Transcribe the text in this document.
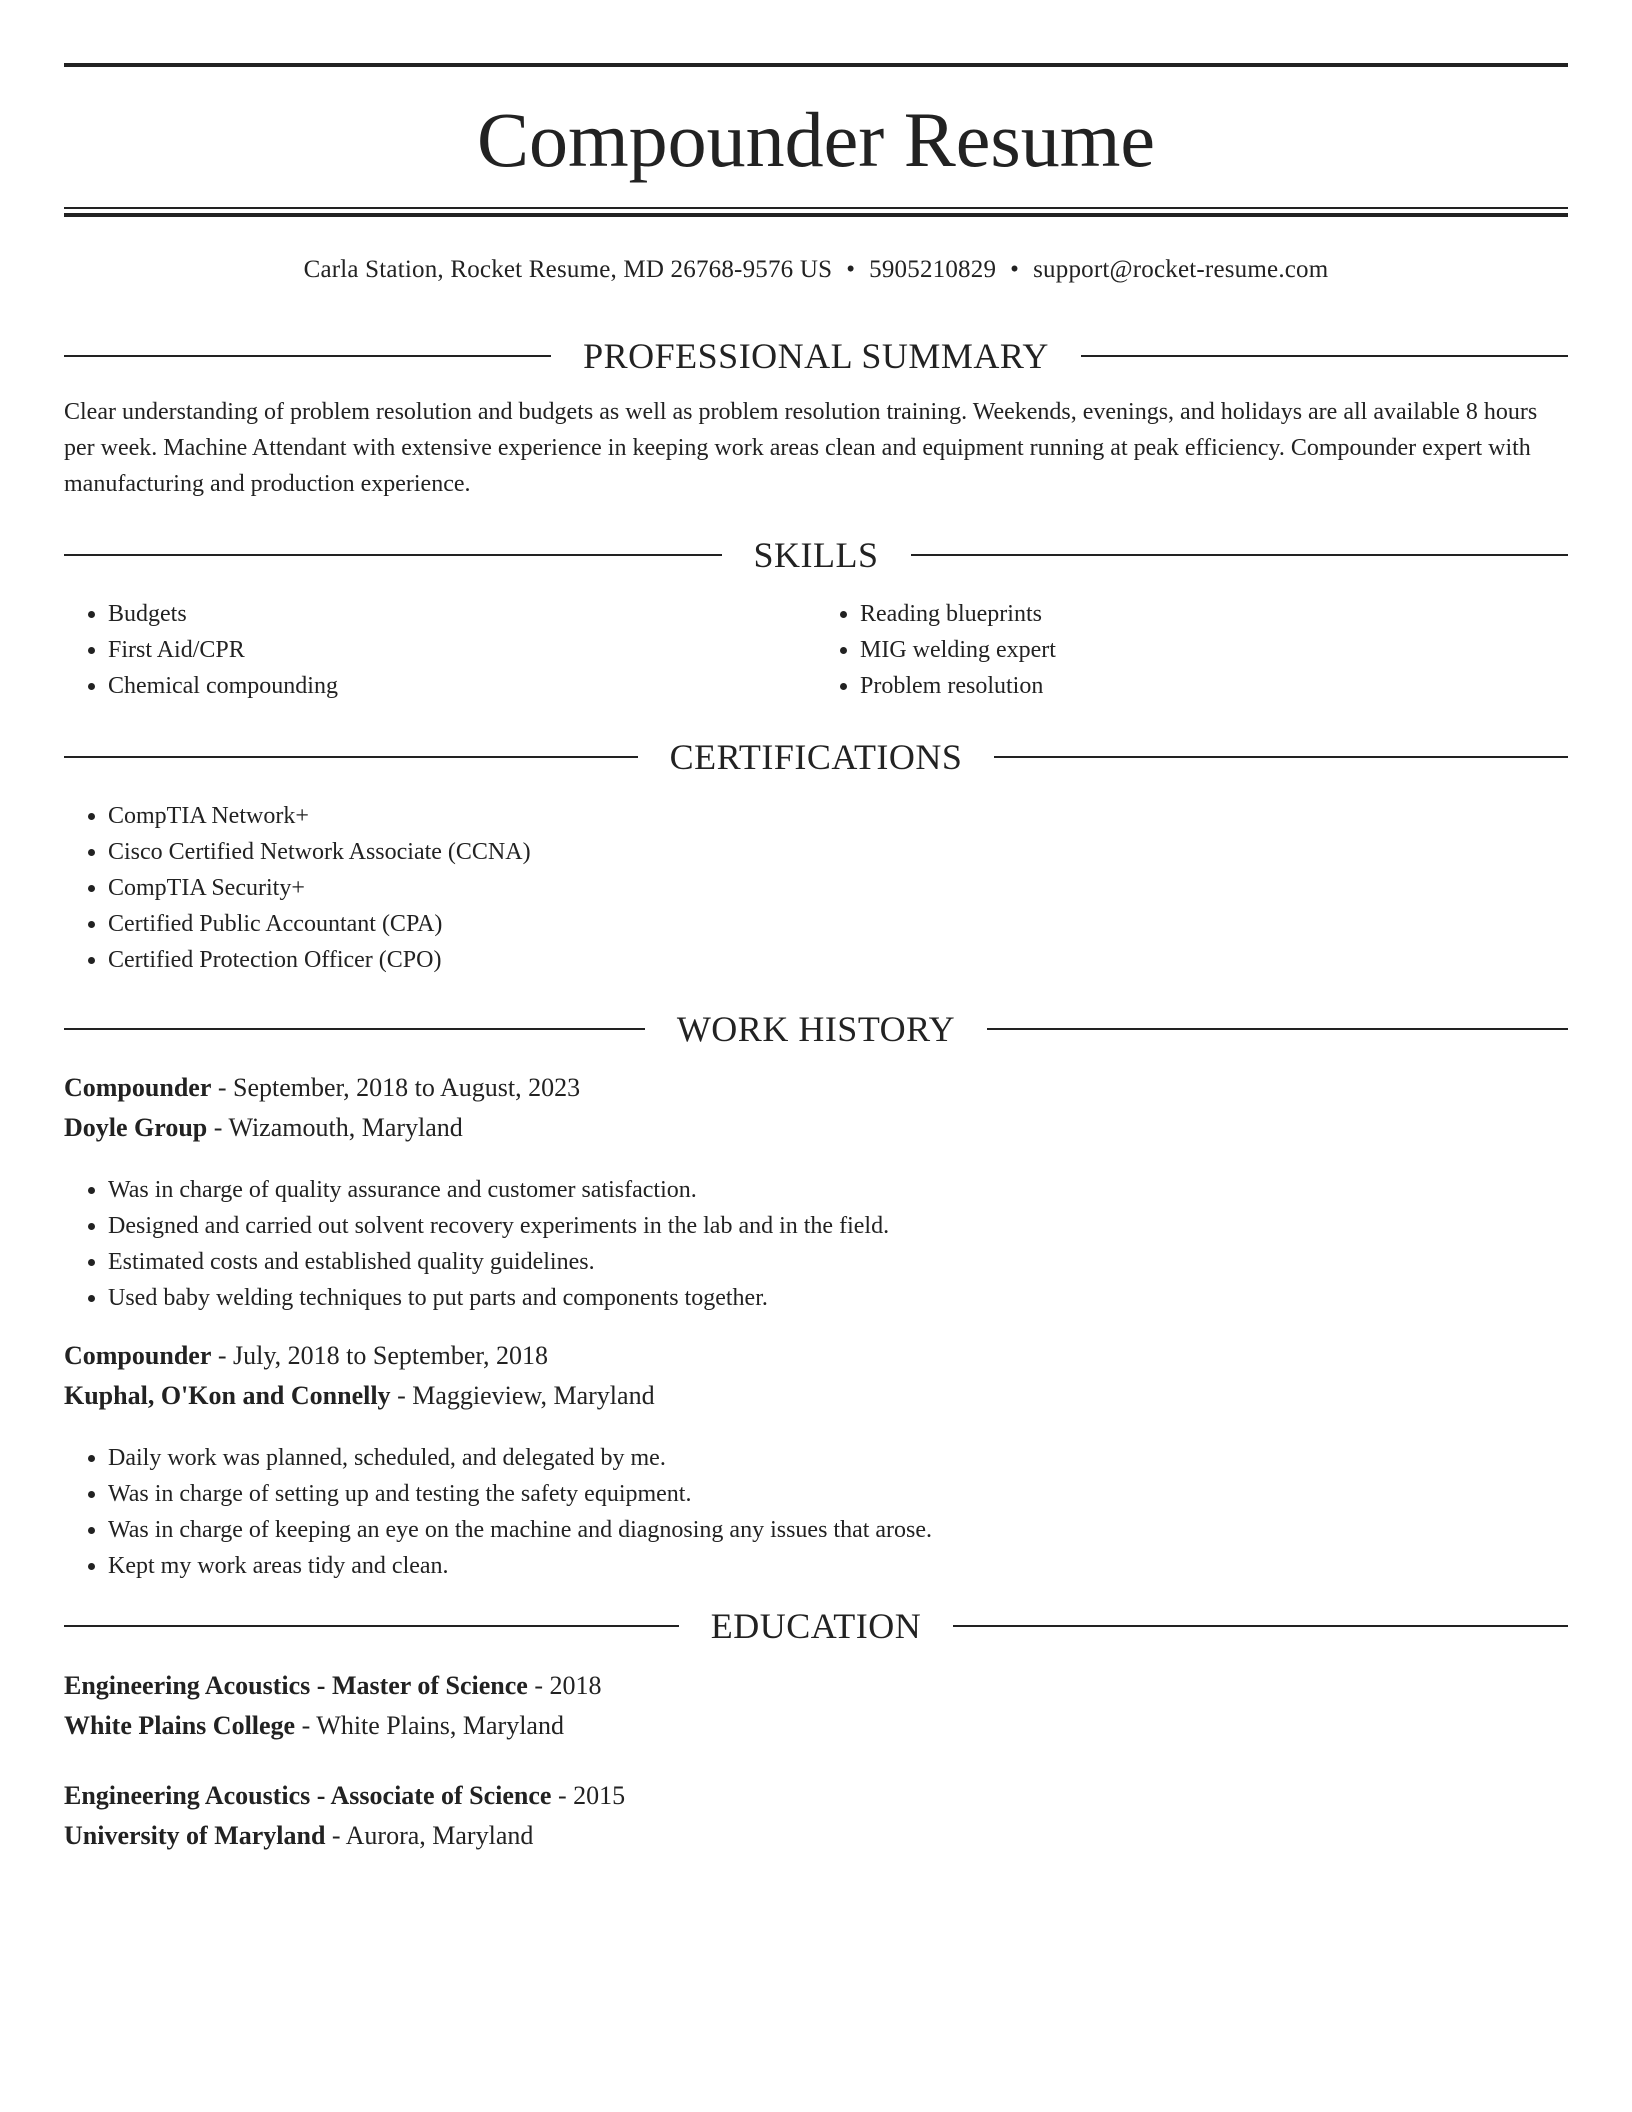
Compounder Resume
Carla Station, Rocket Resume, MD 26768-9576 US • 5905210829 • support@rocket-resume.com
PROFESSIONAL SUMMARY
Clear understanding of problem resolution and budgets as well as problem resolution training. Weekends, evenings, and holidays are all available 8 hours per week. Machine Attendant with extensive experience in keeping work areas clean and equipment running at peak efficiency. Compounder expert with manufacturing and production experience.
SKILLS
• Budgets
• First Aid/CPR
• Chemical compounding
• Reading blueprints
• MIG welding expert
• Problem resolution
CERTIFICATIONS
• CompTIA Network+
• Cisco Certified Network Associate (CCNA)
• CompTIA Security+
• Certified Public Accountant (CPA)
• Certified Protection Officer (CPO)
WORK HISTORY
Compounder - September, 2018 to August, 2023
Doyle Group - Wizamouth, Maryland
• Was in charge of quality assurance and customer satisfaction.
• Designed and carried out solvent recovery experiments in the lab and in the field.
• Estimated costs and established quality guidelines.
• Used baby welding techniques to put parts and components together.
Compounder - July, 2018 to September, 2018
Kuphal, O'Kon and Connelly - Maggieview, Maryland
• Daily work was planned, scheduled, and delegated by me.
• Was in charge of setting up and testing the safety equipment.
• Was in charge of keeping an eye on the machine and diagnosing any issues that arose.
• Kept my work areas tidy and clean.
EDUCATION
Engineering Acoustics - Master of Science - 2018
White Plains College - White Plains, Maryland
Engineering Acoustics - Associate of Science - 2015
University of Maryland - Aurora, Maryland
